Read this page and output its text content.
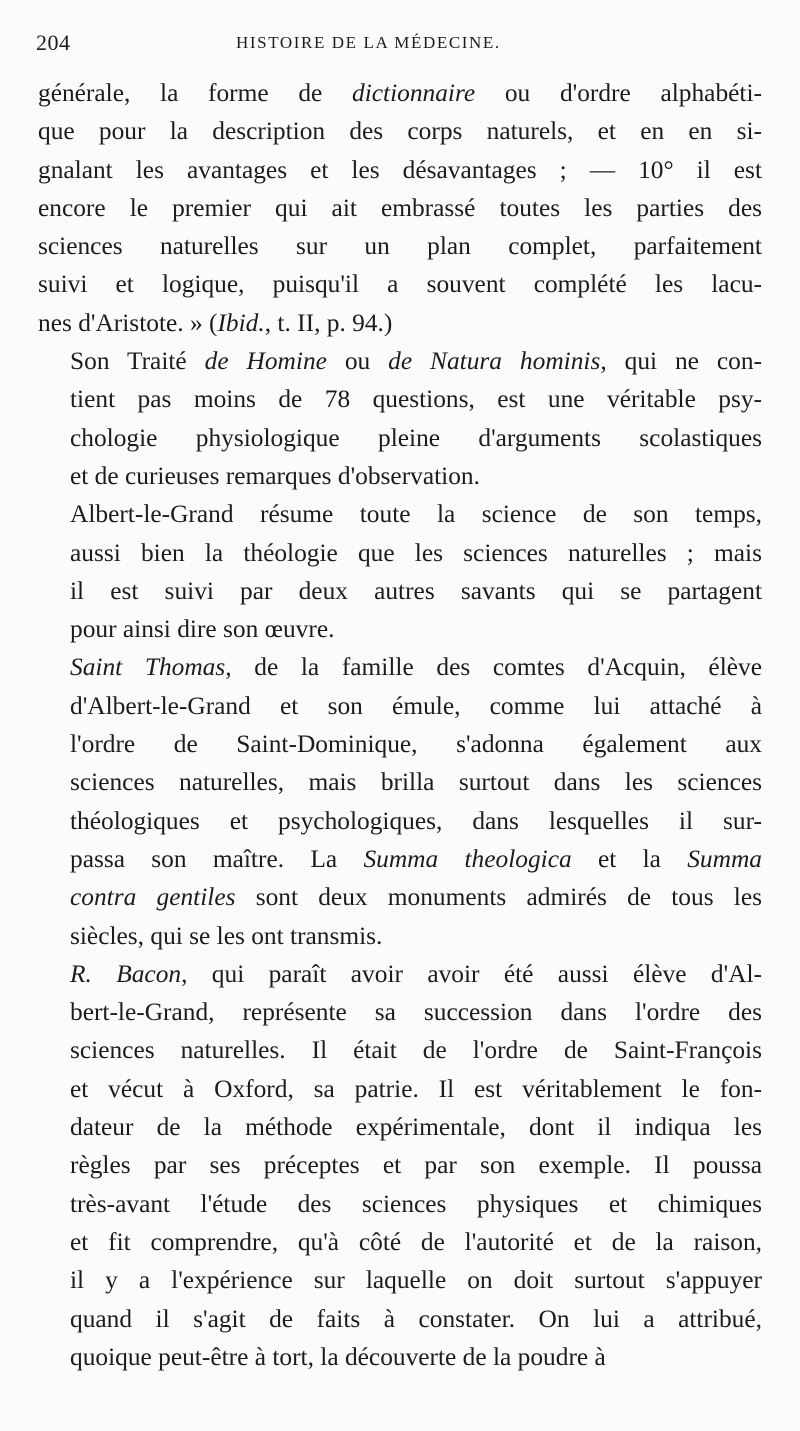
204	HISTOIRE DE LA MÉDECINE.
générale, la forme de dictionnaire ou d'ordre alphabéti-
que pour la description des corps naturels, et en en si-
gnalant les avantages et les désavantages ; — 10° il est
encore le premier qui ait embrassé toutes les parties des
sciences naturelles sur un plan complet, parfaitement
suivi et logique, puisqu'il a souvent complété les lacu-
nes d'Aristote. » (Ibid., t. II, p. 94.)
Son Traité de Homine ou de Natura hominis, qui ne con-
tient pas moins de 78 questions, est une véritable psy-
chologie physiologique pleine d'arguments scolastiques
et de curieuses remarques d'observation.
Albert-le-Grand résume toute la science de son temps,
aussi bien la théologie que les sciences naturelles ; mais
il est suivi par deux autres savants qui se partagent
pour ainsi dire son œuvre.
Saint Thomas, de la famille des comtes d'Acquin, élève
d'Albert-le-Grand et son émule, comme lui attaché à
l'ordre de Saint-Dominique, s'adonna également aux
sciences naturelles, mais brilla surtout dans les sciences
théologiques et psychologiques, dans lesquelles il sur-
passa son maître. La Summa theologica et la Summa
contra gentiles sont deux monuments admirés de tous les
siècles, qui se les ont transmis.
R. Bacon, qui paraît avoir avoir été aussi élève d'Al-
bert-le-Grand, représente sa succession dans l'ordre des
sciences naturelles. Il était de l'ordre de Saint-François
et vécut à Oxford, sa patrie. Il est véritablement le fon-
dateur de la méthode expérimentale, dont il indiqua les
règles par ses préceptes et par son exemple. Il poussa
très-avant l'étude des sciences physiques et chimiques
et fit comprendre, qu'à côté de l'autorité et de la raison,
il y a l'expérience sur laquelle on doit surtout s'appuyer
quand il s'agit de faits à constater. On lui a attribué,
quoique peut-être à tort, la découverte de la poudre à
